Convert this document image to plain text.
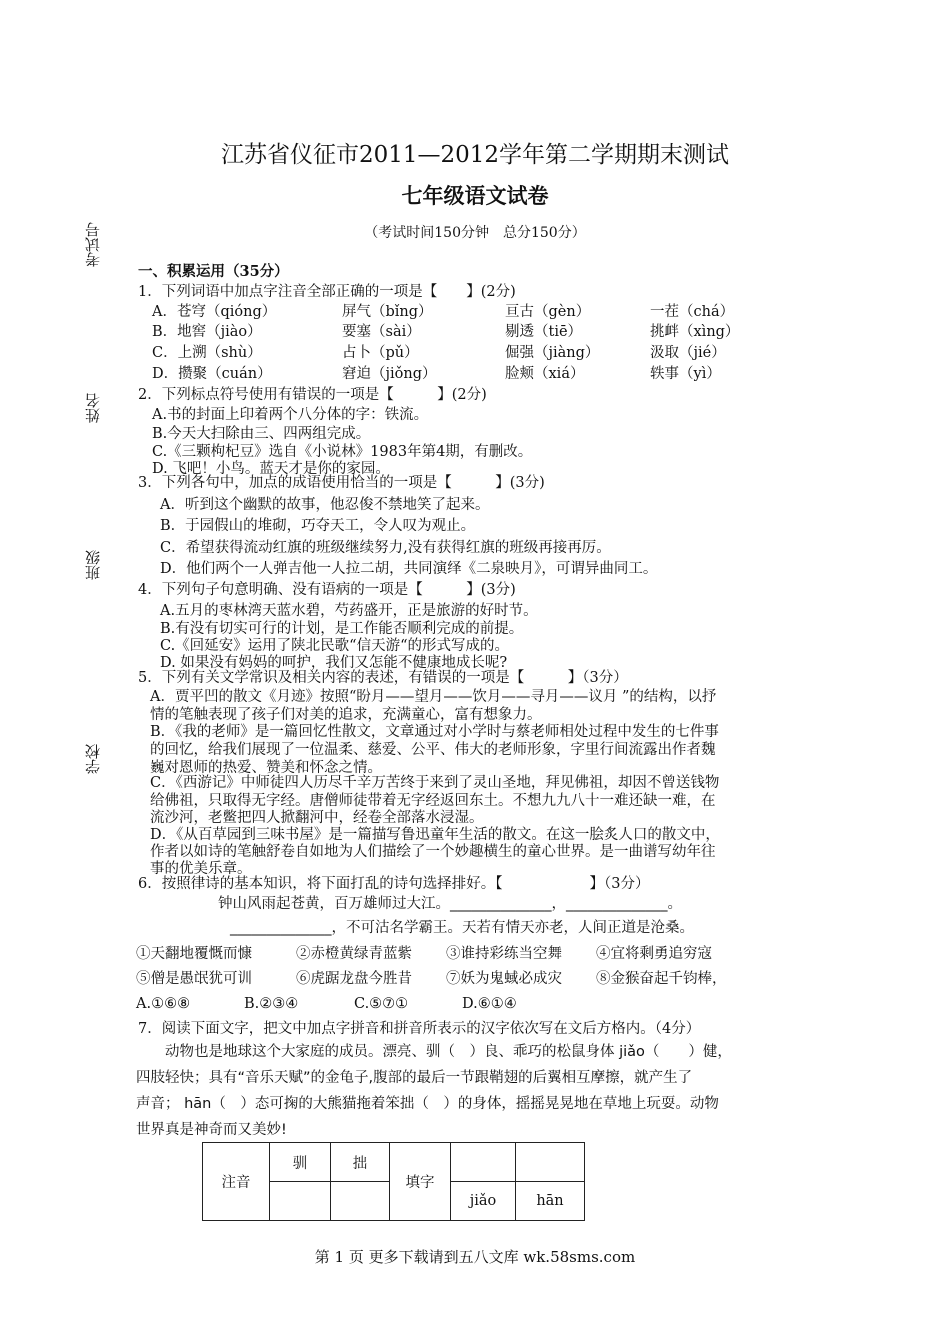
江苏省仪征市2011—2012学年第二学期期末测试
七年级语文试卷
（考试时间150分钟　总分150分）
考试号
姓名
班级
学校
一、积累运用（35分）
1．下列词语中加点字注音全部正确的一项是【　　】(2分)
A．苍穹（qióng）	屏气（bǐng）	亘古（gèn）	一茬（chá）
B．地窖（jiào）	要塞（sài）	剔透（tiē）	挑衅（xìng）
C．上溯（shù）	占卜（pǔ）	倔强（jiàng）	汲取（jié）
D．攒聚（cuán）	窘迫（jiǒng）	脸颊（xiá）	轶事（yì）
2．下列标点符号使用有错误的一项是【　　　】(2分)
A.书的封面上印着两个八分体的字：铁流。
B.今天大扫除由三、四两组完成。
C.《三颗枸杞豆》选自《小说林》1983年第4期，有删改。
D. 飞吧！小鸟。蓝天才是你的家园。
3．下列各句中，加点的成语使用恰当的一项是【　　　】(3分)
A．听到这个幽默的故事，他忍俊不禁地笑了起来。
B．于园假山的堆砌，巧夺天工，令人叹为观止。
C．希望获得流动红旗的班级继续努力,没有获得红旗的班级再接再厉。
D．他们两个一人弹吉他一人拉二胡，共同演绎《二泉映月》，可谓异曲同工。
4．下列句子句意明确、没有语病的一项是【　　　】(3分)
A.五月的枣林湾天蓝水碧，芍药盛开，正是旅游的好时节。
B.有没有切实可行的计划，是工作能否顺利完成的前提。
C.《回延安》运用了陕北民歌“信天游“的形式写成的。
D. 如果没有妈妈的呵护，我们又怎能不健康地成长呢?
5．下列有关文学常识及相关内容的表述，有错误的一项是【　　　】（3分）
A．贾平凹的散文《月迹》按照“盼月——望月——饮月——寻月——议月 ”的结构，以抒
情的笔触表现了孩子们对美的追求，充满童心，富有想象力。
B．《我的老师》是一篇回忆性散文，文章通过对小学时与蔡老师相处过程中发生的七件事
的回忆，给我们展现了一位温柔、慈爱、公平、伟大的老师形象，字里行间流露出作者魏
巍对恩师的热爱、赞美和怀念之情。
C．《西游记》中师徒四人历尽千辛万苦终于来到了灵山圣地，拜见佛祖，却因不曾送钱物
给佛祖，只取得无字经。唐僧师徒带着无字经返回东土。不想九九八十一难还缺一难，在
流沙河，老鳖把四人掀翻河中，经卷全部落水浸湿。
D．《从百草园到三味书屋》是一篇描写鲁迅童年生活的散文。在这一脍炙人口的散文中，
作者以如诗的笔触舒卷自如地为人们描绘了一个妙趣横生的童心世界。是一曲谱写幼年往
事的优美乐章。
6．按照律诗的基本知识，将下面打乱的诗句选择排好。【　　　　　　】（3分）
钟山风雨起苍黄，百万雄师过大江。______________，______________。
______________，不可沽名学霸王。天若有情天亦老，人间正道是沧桑。
①天翻地覆慨而慷	②赤橙黄绿青蓝紫 ③谁持彩练当空舞 ④宜将剩勇追穷寇
⑤僧是愚氓犹可训	⑥虎踞龙盘今胜昔 ⑦妖为鬼蜮必成灾 ⑧金猴奋起千钧棒，
A.①⑥⑧	B.②③④	C.⑤⑦①	D.⑥①④
7．阅读下面文字，把文中加点字拼音和拼音所表示的汉字依次写在文后方格内。（4分）
　　动物也是地球这个大家庭的成员。漂亮、驯（　）良、乖巧的松鼠身体 jiǎo（　　）健，
四肢轻快；具有“音乐天赋”的金龟子,腹部的最后一节跟鞘翅的后翼相互摩擦，就产生了
声音； hān（　）态可掬的大熊猫拖着笨拙（　）的身体，摇摇晃晃地在草地上玩耍。动物
世界真是神奇而又美妙!
注音	驯	拙	填字		
				jiǎo	hān
第 1 页 更多下载请到五八文库 wk.58sms.com
